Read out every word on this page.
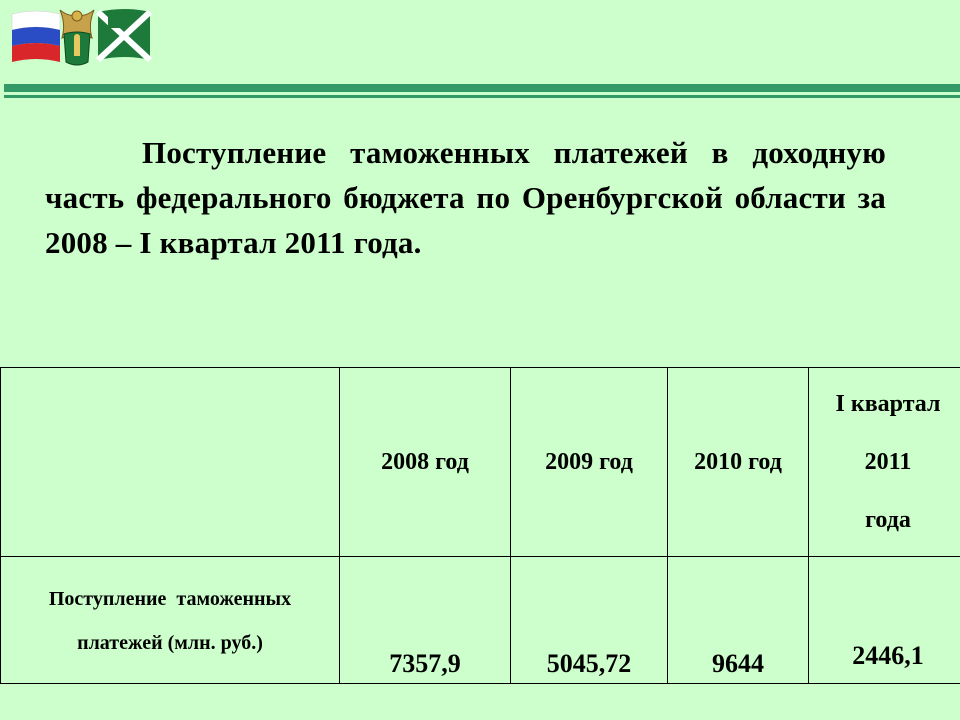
Поступление таможенных платежей в доходную часть федерального бюджета по Оренбургской области за 2008 – I квартал 2011 года.
	2008 год	2009 год	2010 год	I квартал
2011
года

Поступление  таможенных
платежей (млн. руб.)	7357,9	5045,72	9644	2446,1
